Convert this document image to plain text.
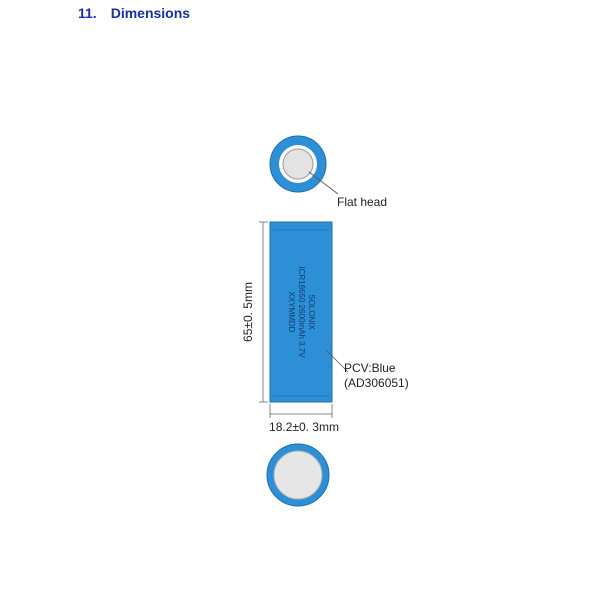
11. Dimensions
Flat head
SOLONIX
ICR18650 2600mAh 3.7V
XXYMMDD
PCV:Blue
(AD306051)
65±0. 5mm
18.2±0. 3mm
